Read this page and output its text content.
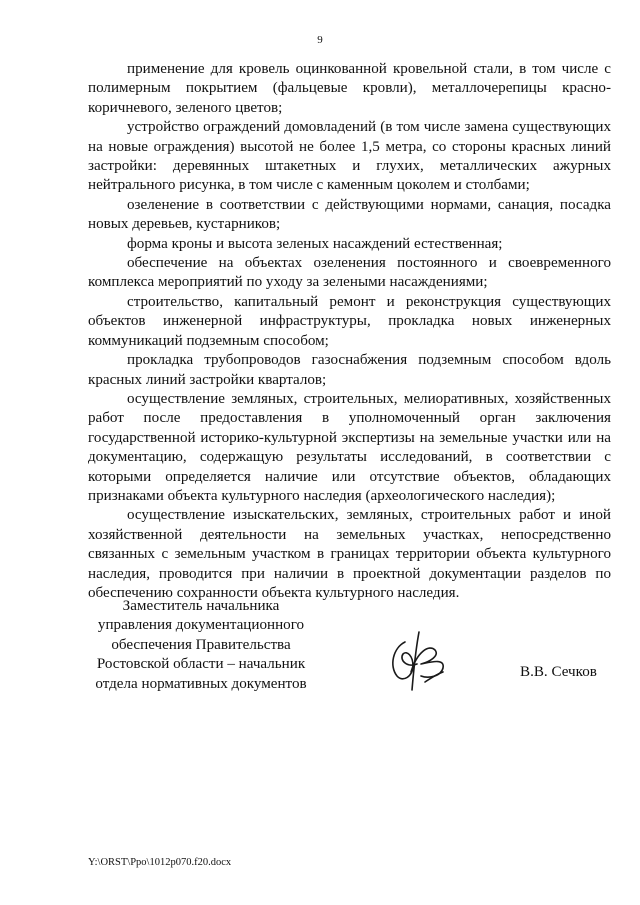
9

применение для кровель оцинкованной кровельной стали, в том числе с полимерным покрытием (фальцевые кровли), металлочерепицы красно-коричневого, зеленого цветов;

устройство ограждений домовладений (в том числе замена существующих на новые ограждения) высотой не более 1,5 метра, со стороны красных линий застройки: деревянных штакетных и глухих, металлических ажурных нейтрального рисунка, в том числе с каменным цоколем и столбами;

озеленение в соответствии с действующими нормами, санация, посадка новых деревьев, кустарников;

форма кроны и высота зеленых насаждений естественная;

обеспечение на объектах озеленения постоянного и своевременного комплекса мероприятий по уходу за зелеными насаждениями;

строительство, капитальный ремонт и реконструкция существующих объектов инженерной инфраструктуры, прокладка новых инженерных коммуникаций подземным способом;

прокладка трубопроводов газоснабжения подземным способом вдоль красных линий застройки кварталов;

осуществление земляных, строительных, мелиоративных, хозяйственных работ после предоставления в уполномоченный орган заключения государственной историко-культурной экспертизы на земельные участки или на документацию, содержащую результаты исследований, в соответствии с которыми определяется наличие или отсутствие объектов, обладающих признаками объекта культурного наследия (археологического наследия);

осуществление изыскательских, земляных, строительных работ и иной хозяйственной деятельности на земельных участках, непосредственно связанных с земельным участком в границах территории объекта культурного наследия, проводится при наличии в проектной документации разделов по обеспечению сохранности объекта культурного наследия.

Заместитель начальника
управления документационного
обеспечения Правительства
Ростовской области – начальник
отдела нормативных документов
В.В. Сечков
Y:\ORST\Ppo\1012p070.f20.docx
